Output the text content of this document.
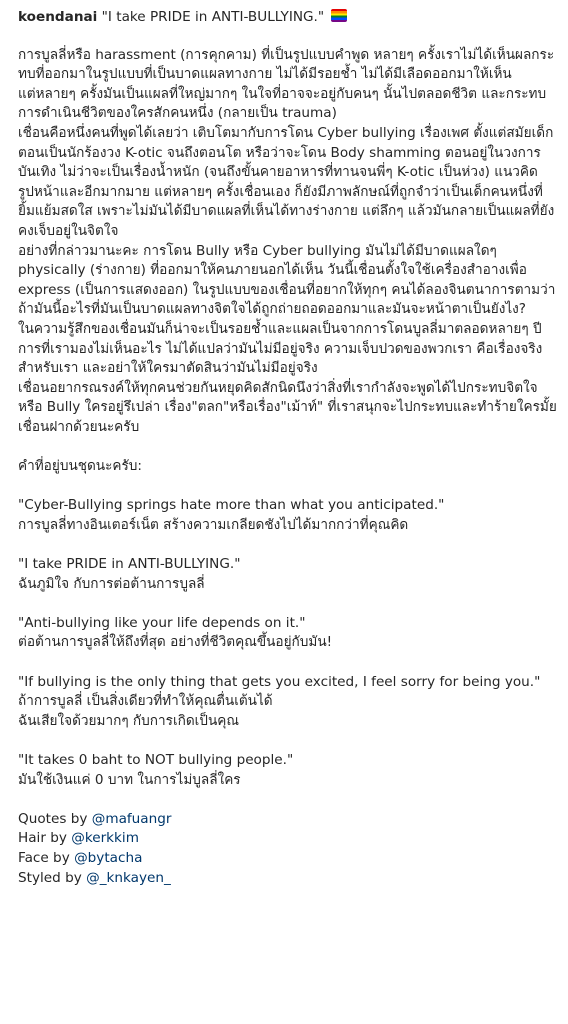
koendanai "I take PRIDE in ANTI-BULLYING."

การบูลลี่หรือ harassment (การคุกคาม) ที่เป็นรูปแบบคำพูด หลายๆ ครั้งเราไม่ได้เห็นผลกระทบที่ออกมาในรูปแบบที่เป็นบาดแผลทางกาย ไม่ได้มีรอยช้ำ ไม่ได้มีเลือดออกมาให้เห็น

แต่หลายๆ ครั้งมันเป็นแผลที่ใหญ่มากๆ ในใจที่อาจจะอยู่กับคนๆ นั้นไปตลอดชีวิต และกระทบการดำเนินชีวิตของใครสักคนหนึ่ง (กลายเป็น trauma)

เชื่อนคือหนึ่งคนที่พูดได้เลยว่า เติบโตมากับการโดน Cyber bullying เรื่องเพศ ตั้งแต่สมัยเด็กตอนเป็นนักร้องวง K-otic จนถึงตอนโต หรือว่าจะโดน Body shamming ตอนอยู่ในวงการบันเทิง ไม่ว่าจะเป็นเรื่องน้ำหนัก (จนถึงขั้นคายอาหารที่ทานจนพี่ๆ K-otic เป็นห่วง) แนวคิด รูปหน้าและอีกมากมาย แต่หลายๆ ครั้งเชื่อนเอง ก็ยังมีภาพลักษณ์ที่ถูกจำว่าเป็นเด็กคนหนึ่งที่ยิ้มแย้มสดใส เพราะไม่มันได้มีบาดแผลที่เห็นได้ทางร่างกาย แต่ลึกๆ แล้วมันกลายเป็นแผลที่ยังคงเจ็บอยู่ในจิตใจ

อย่างที่กล่าวมานะคะ การโดน Bully หรือ Cyber bullying มันไม่ได้มีบาดแผลใดๆ physically (ร่างกาย) ที่ออกมาให้คนภายนอกได้เห็น วันนี้เชื่อนตั้งใจใช้เครื่องสำอางเพื่อ express (เป็นการแสดงออก) ในรูปแบบของเชื่อนที่อยากให้ทุกๆ คนได้ลองจินตนาการตามว่า ถ้ามันนี้อะไรที่มันเป็นบาดแผลทางจิตใจได้ถูกถ่ายถอดออกมาและมันจะหน้าตาเป็นยังไง?

ในความรู้สึกของเชื่อนมันก็น่าจะเป็นรอยช้ำและแผลเป็นจากการโดนบูลลี่มาตลอดหลายๆ ปี การที่เรามองไม่เห็นอะไร ไม่ได้แปลว่ามันไม่มีอยู่จริง ความเจ็บปวดของพวกเรา คือเรื่องจริงสำหรับเรา และอย่าให้ใครมาตัดสินว่ามันไม่มีอยู่จริง

เชื่อนอยากรณรงค์ให้ทุกคนช่วยกันหยุดคิดสักนิดนึงว่าสิ่งที่เรากำลังจะพูดได้ไปกระทบจิตใจ หรือ Bully ใครอยู่รึเปล่า เรื่อง"ตลก"หรือเรื่อง"เม้าท์" ที่เราสนุกจะไปกระทบและทำร้ายใครมั้ย

เชื่อนฝากด้วยนะครับ

คำที่อยู่บนชุดนะครับ:

"Cyber-Bullying springs hate more than what you anticipated."

การบูลลี่ทางอินเตอร์เน็ต สร้างความเกลียดชังไปได้มากกว่าที่คุณคิด

"I take PRIDE in ANTI-BULLYING."

ฉันภูมิใจ กับการต่อต้านการบูลลี่

"Anti-bullying like your life depends on it."

ต่อต้านการบูลลี่ให้ถึงที่สุด อย่างที่ชีวิตคุณขึ้นอยู่กับมัน!

"If bullying is the only thing that gets you excited, I feel sorry for being you."

ถ้าการบูลลี่ เป็นสิ่งเดียวที่ทำให้คุณตื่นเต้นได้

ฉันเสียใจด้วยมากๆ กับการเกิดเป็นคุณ

"It takes 0 baht to NOT bullying people."

มันใช้เงินแค่ 0 บาท ในการไม่บูลลี่ใคร

Quotes by @mafuangr

Hair by @kerkkim

Face by @bytacha

Styled by @_knkayen_
